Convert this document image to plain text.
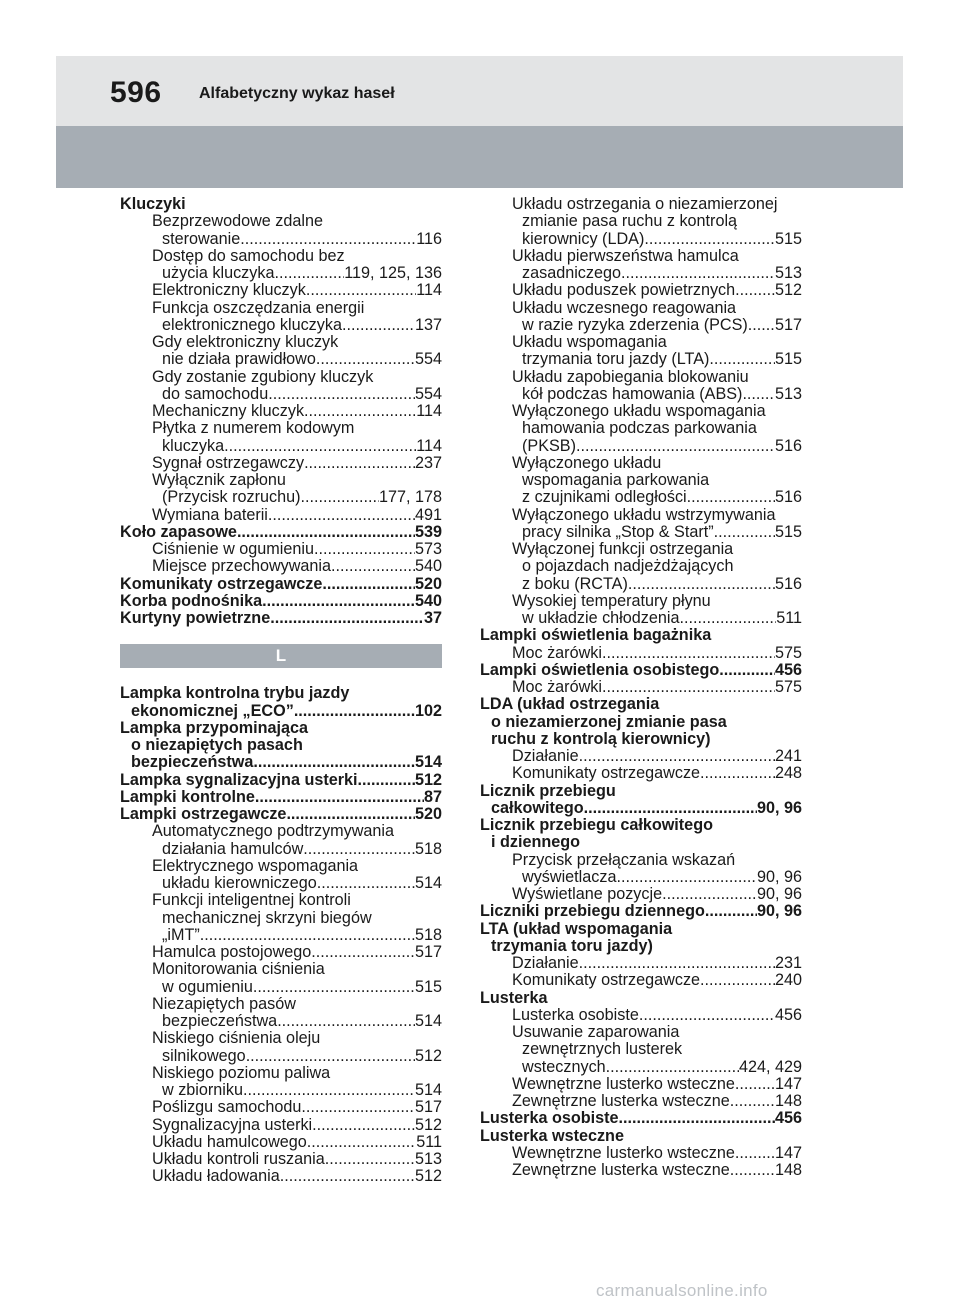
596 Alfabetyczny wykaz haseł
Kluczyki
Bezprzewodowe zdalne
sterowanie .....	116
Dostęp do samochodu bez
użycia kluczyka .....	119, 125, 136
Elektroniczny kluczyk .....	114
Funkcja oszczędzania energii
elektronicznego kluczyka .....	137
Gdy elektroniczny kluczyk
nie działa prawidłowo .....	554
Gdy zostanie zgubiony kluczyk
do samochodu .....	554
Mechaniczny kluczyk .....	114
Płytka z numerem kodowym
kluczyka .....	114
Sygnał ostrzegawczy .....	237
Wyłącznik zapłonu
(Przycisk rozruchu) .....	177, 178
Wymiana baterii .....	491
Koło zapasowe .....	539
Ciśnienie w ogumieniu .....	573
Miejsce przechowywania .....	540
Komunikaty ostrzegawcze .....	520
Korba podnośnika .....	540
Kurtyny powietrzne .....	37
L
Lampka kontrolna trybu jazdy
ekonomicznej „ECO” .....	102
Lampka przypominająca
o niezapiętych pasach
bezpieczeństwa .....	514
Lampka sygnalizacyjna usterki .....	512
Lampki kontrolne .....	87
Lampki ostrzegawcze .....	520
Automatycznego podtrzymywania
działania hamulców .....	518
Elektrycznego wspomagania
układu kierowniczego .....	514
Funkcji inteligentnej kontroli
mechanicznej skrzyni biegów
„iMT” .....	518
Hamulca postojowego .....	517
Monitorowania ciśnienia
w ogumieniu .....	515
Niezapiętych pasów
bezpieczeństwa .....	514
Niskiego ciśnienia oleju
silnikowego .....	512
Niskiego poziomu paliwa
w zbiorniku .....	514
Poślizgu samochodu .....	517
Sygnalizacyjna usterki .....	512
Układu hamulcowego .....	511
Układu kontroli ruszania .....	513
Układu ładowania .....	512
Układu ostrzegania o niezamierzonej
zmianie pasa ruchu z kontrolą
kierownicy (LDA) .....	515
Układu pierwszeństwa hamulca
zasadniczego .....	513
Układu poduszek powietrznych ..... 512
Układu wczesnego reagowania
w razie ryzyka zderzenia (PCS) ..... 517
Układu wspomagania
trzymania toru jazdy (LTA) .....	515
Układu zapobiegania blokowaniu
kół podczas hamowania (ABS) ..... 513
Wyłączonego układu wspomagania
hamowania podczas parkowania
(PKSB) .....	516
Wyłączonego układu
wspomagania parkowania
z czujnikami odległości .....	516
Wyłączonego układu wstrzymywania
pracy silnika „Stop & Start” .....	515
Wyłączonej funkcji ostrzegania
o pojazdach nadjeżdżających
z boku (RCTA) .....	516
Wysokiej temperatury płynu
w układzie chłodzenia .....	511
Lampki oświetlenia bagażnika
Moc żarówki .....	575
Lampki oświetlenia osobistego .....	456
Moc żarówki .....	575
LDA (układ ostrzegania
o niezamierzonej zmianie pasa
ruchu z kontrolą kierownicy)
Działanie .....	241
Komunikaty ostrzegawcze .....	248
Licznik przebiegu
całkowitego .....	90, 96
Licznik przebiegu całkowitego
i dziennego
Przycisk przełączania wskazań
wyświetlacza .....	90, 96
Wyświetlane pozycje .....	90, 96
Liczniki przebiegu dziennego .....	90, 96
LTA (układ wspomagania
trzymania toru jazdy)
Działanie .....	231
Komunikaty ostrzegawcze .....	240
Lusterka
Lusterka osobiste .....	456
Usuwanie zaparowania
zewnętrznych lusterek
wstecznych .....	424, 429
Wewnętrzne lusterko wsteczne ..... 147
Zewnętrzne lusterka wsteczne .....	148
Lusterka osobiste .....	456
Lusterka wsteczne
Wewnętrzne lusterko wsteczne ..... 147
Zewnętrzne lusterka wsteczne .....	148
carmanualsonline.info
